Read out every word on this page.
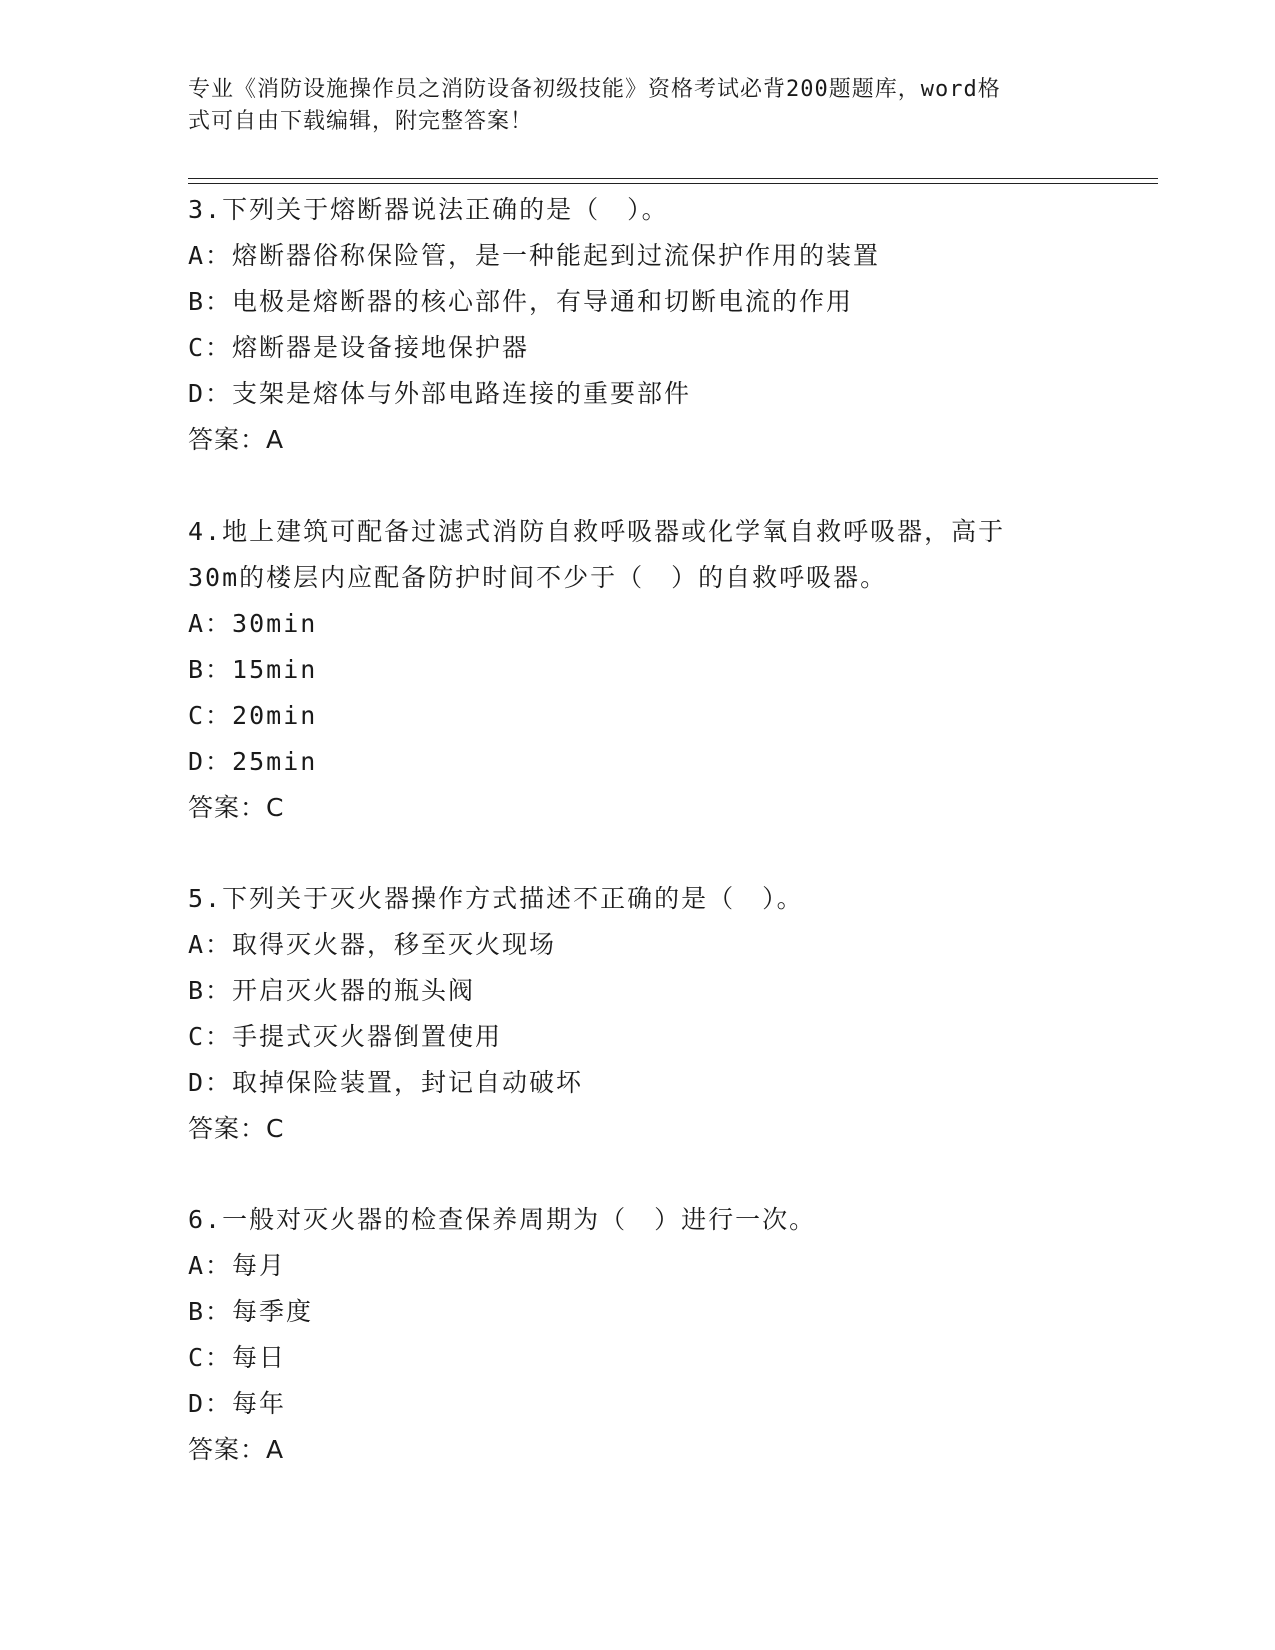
专业《消防设施操作员之消防设备初级技能》资格考试必背200题题库，word格
式可自由下载编辑，附完整答案！
3.下列关于熔断器说法正确的是（　）。
A：熔断器俗称保险管，是一种能起到过流保护作用的装置
B：电极是熔断器的核心部件，有导通和切断电流的作用
C：熔断器是设备接地保护器
D：支架是熔体与外部电路连接的重要部件
答案：A
4.地上建筑可配备过滤式消防自救呼吸器或化学氧自救呼吸器，高于
30m的楼层内应配备防护时间不少于（　）的自救呼吸器。
A：30min
B：15min
C：20min
D：25min
答案：C
5.下列关于灭火器操作方式描述不正确的是（　）。
A：取得灭火器，移至灭火现场
B：开启灭火器的瓶头阀
C：手提式灭火器倒置使用
D：取掉保险装置，封记自动破坏
答案：C
6.一般对灭火器的检查保养周期为（　）进行一次。
A：每月
B：每季度
C：每日
D：每年
答案：A
